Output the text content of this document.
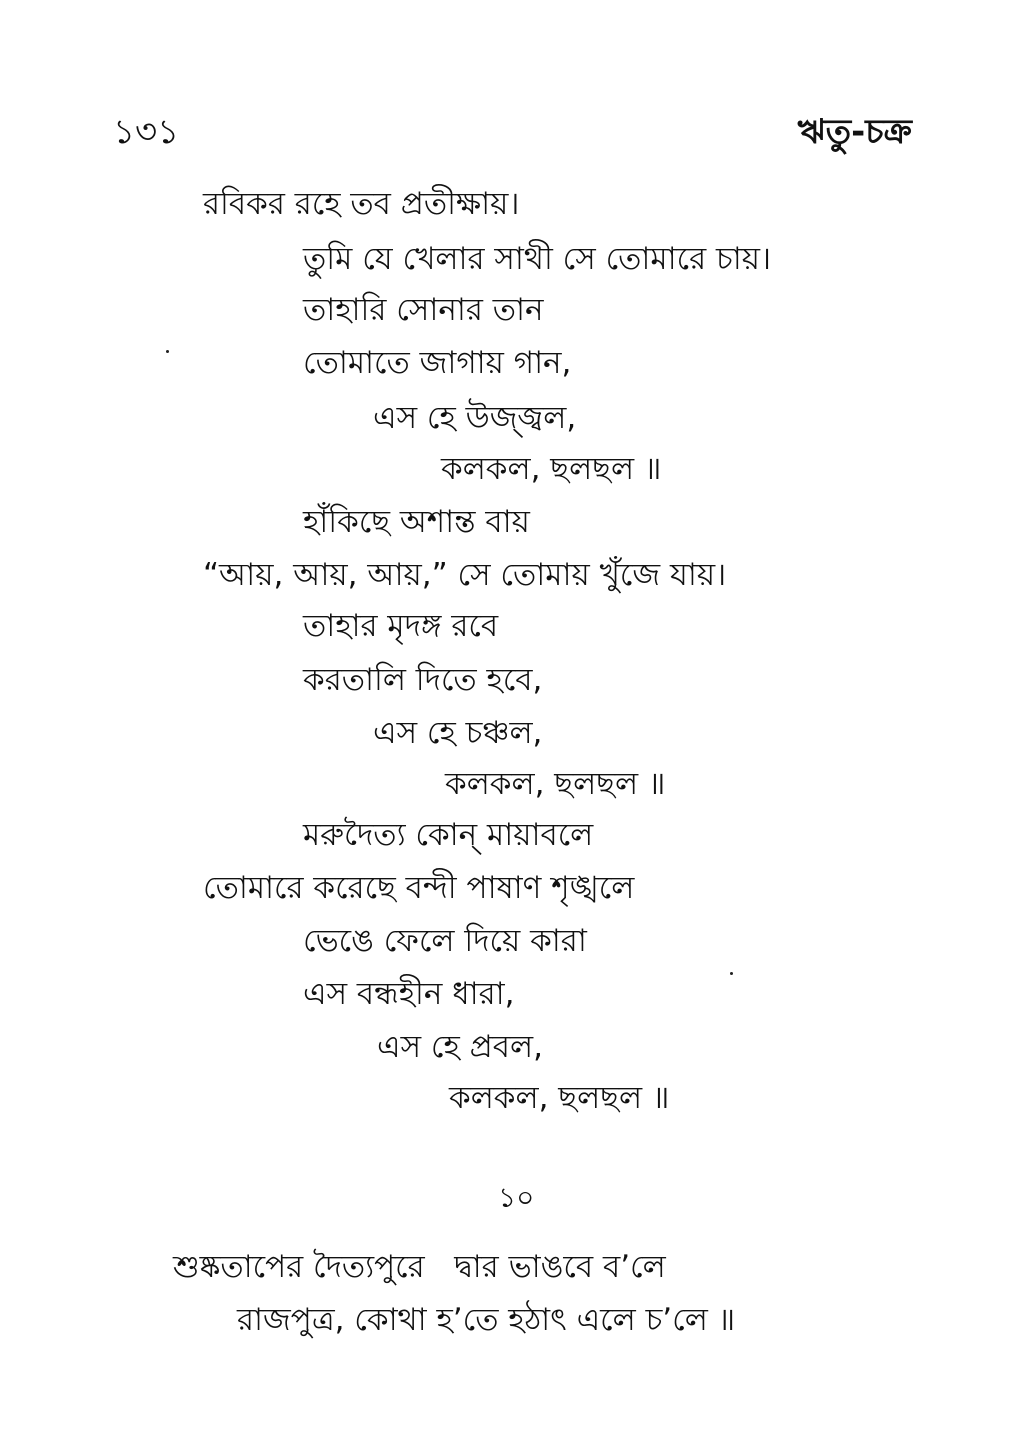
১৩১	ঋতু-চক্র
রবিকর রহে তব প্রতীক্ষায়।
তুমি যে খেলার সাথী সে তোমারে চায়।
তাহারি সোনার তান
তোমাতে জাগায় গান,
এস হে উজ্জ্বল,
কলকল, ছলছল ॥
হাঁকিছে অশান্ত বায়
“আয়, আয়, আয়,” সে তোমায় খুঁজে যায়।
তাহার মৃদঙ্গ রবে
করতালি দিতে হবে,
এস হে চঞ্চল,
কলকল, ছলছল ॥
মরুদৈত্য কোন্ মায়াবলে
তোমারে করেছে বন্দী পাষাণ শৃঙ্খলে
ভেঙে ফেলে দিয়ে কারা
এস বন্ধহীন ধারা,
এস হে প্রবল,
কলকল, ছলছল ॥
১০
শুষ্কতাপের দৈত্যপুরে   দ্বার ভাঙবে ব’লে
রাজপুত্র, কোথা হ’তে হঠাৎ এলে চ’লে ॥
